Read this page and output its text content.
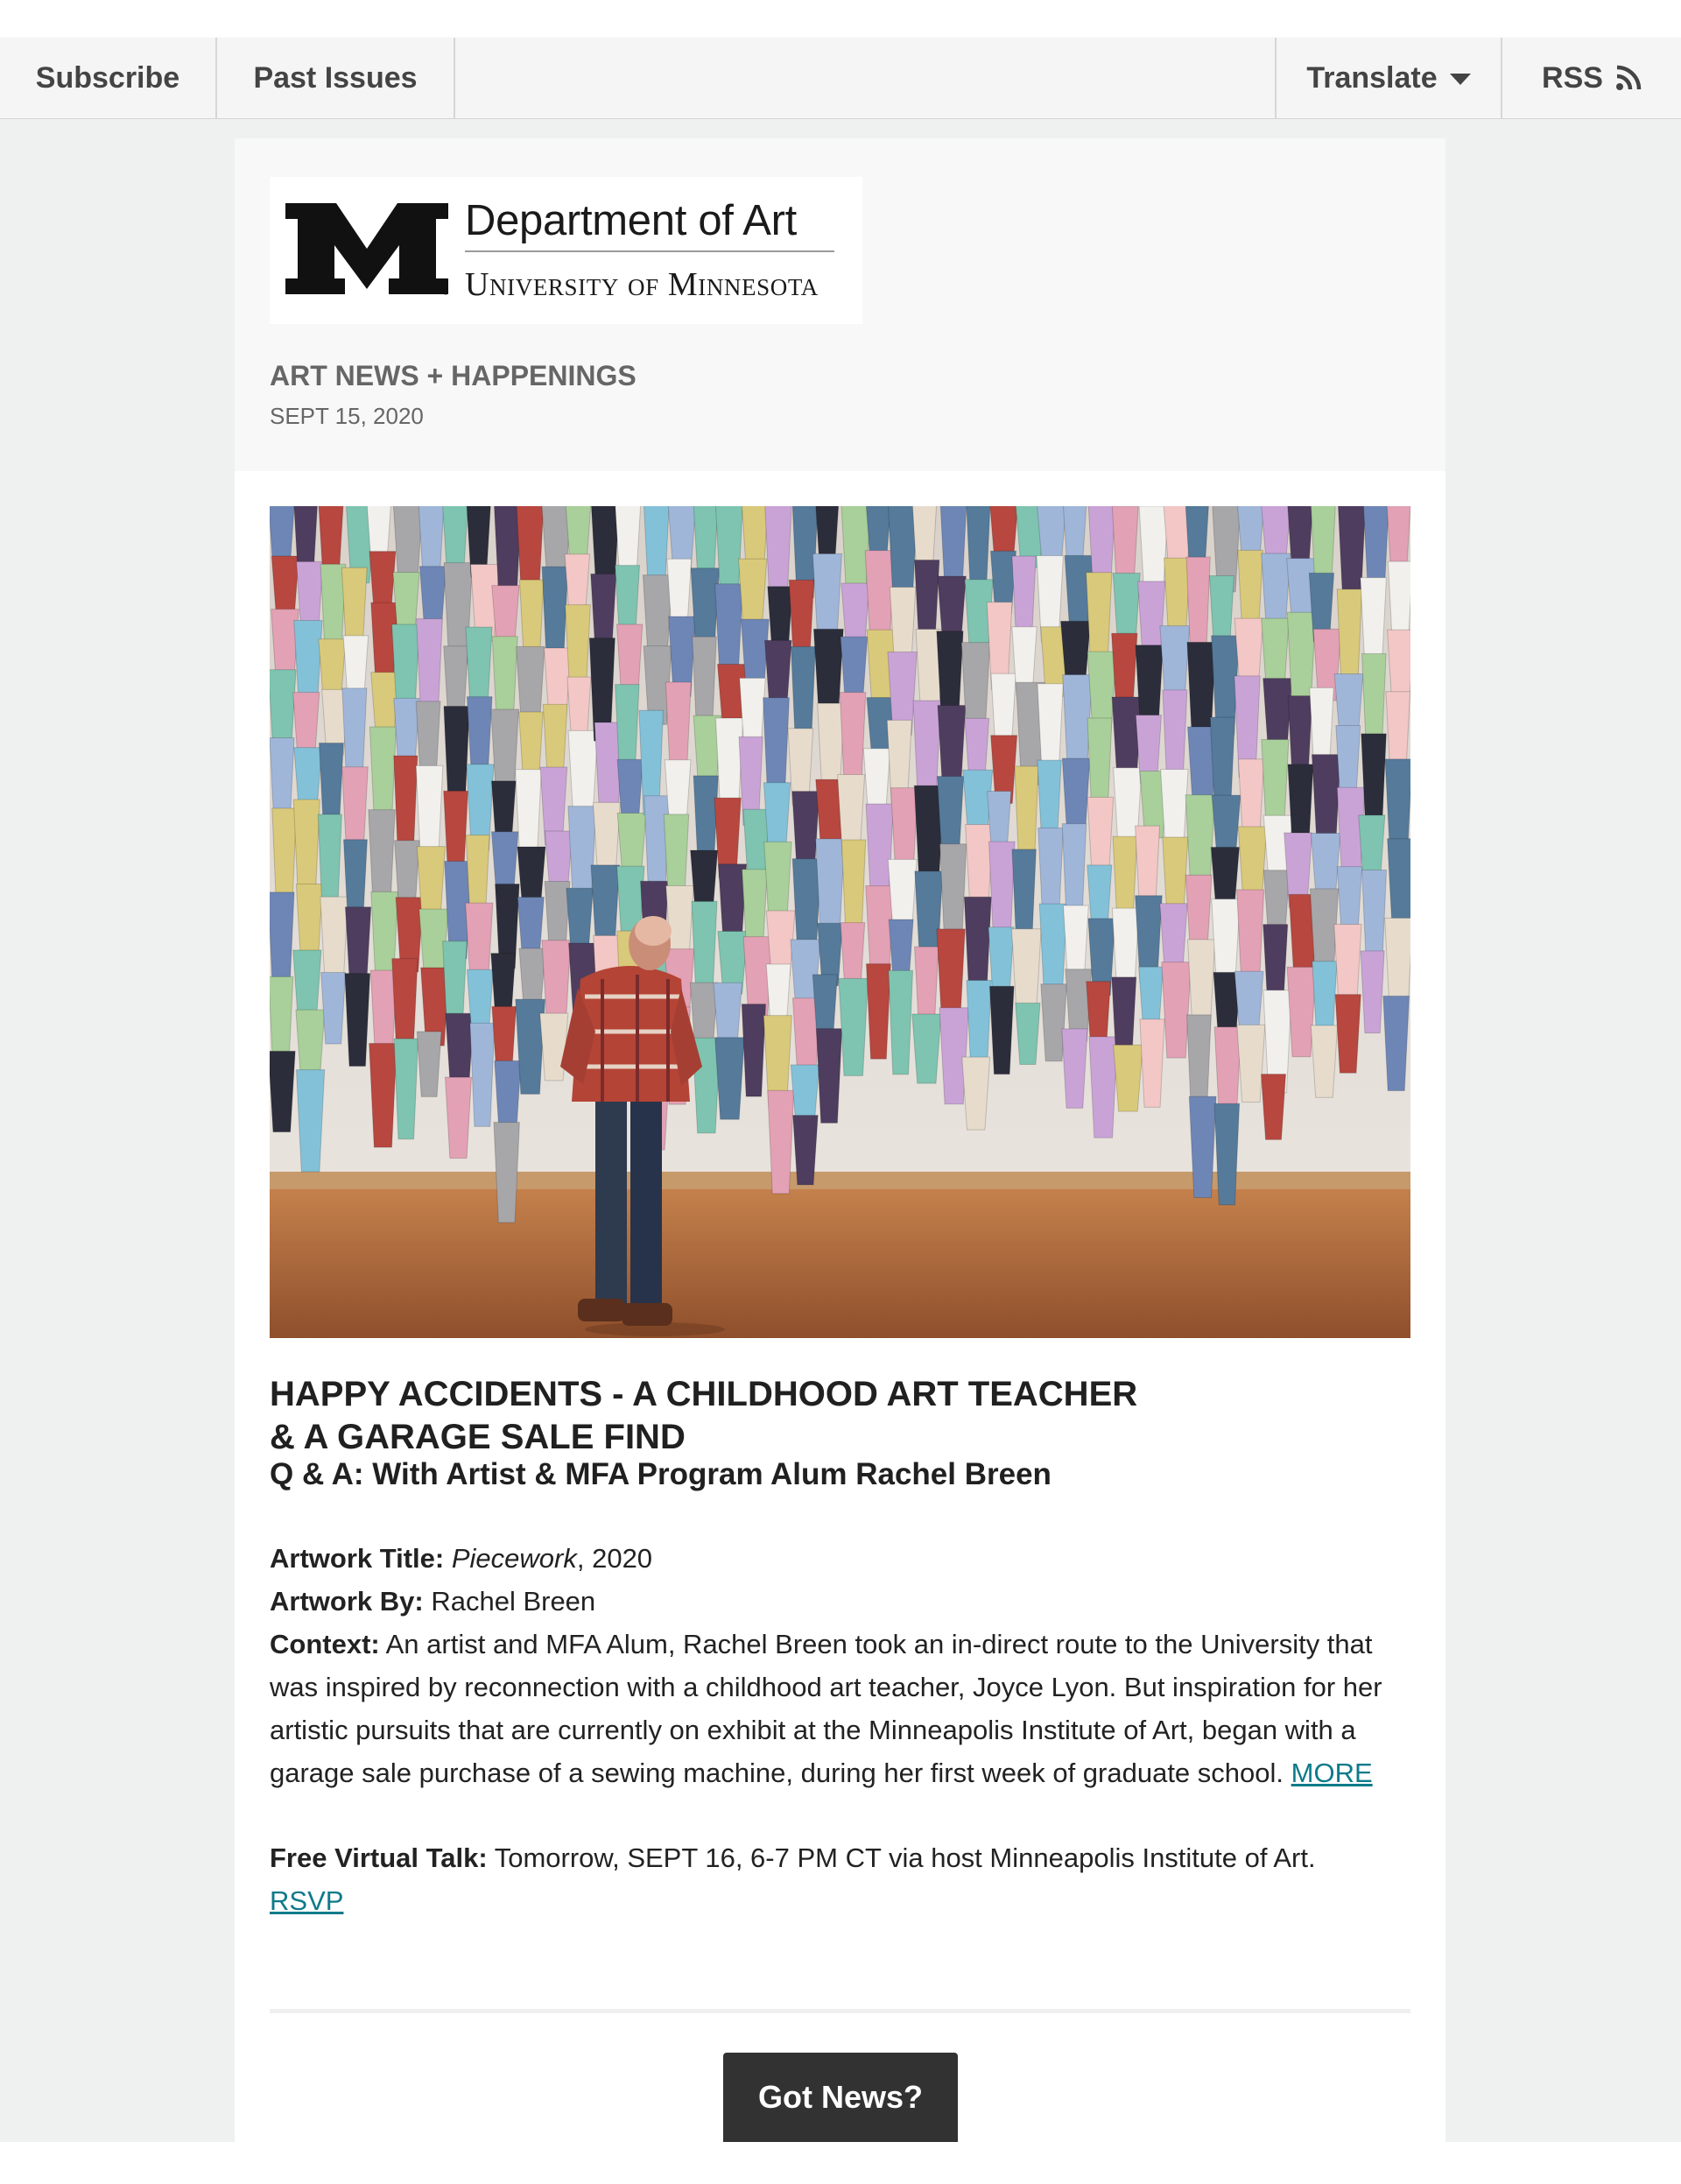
Subscribe	Past Issues	Translate	RSS
Department of Art
University of Minnesota
ART NEWS + HAPPENINGS
SEPT 15, 2020
HAPPY ACCIDENTS - A CHILDHOOD ART TEACHER
& A GARAGE SALE FIND
Q & A: With Artist & MFA Program Alum Rachel Breen

Artwork Title: Piecework, 2020

Artwork By: Rachel Breen

Context: An artist and MFA Alum, Rachel Breen took an in-direct route to the University that was inspired by reconnection with a childhood art teacher, Joyce Lyon. But inspiration for her artistic pursuits that are currently on exhibit at the Minneapolis Institute of Art, began with a garage sale purchase of a sewing machine, during her first week of graduate school. MORE

Free Virtual Talk: Tomorrow, SEPT 16, 6-7 PM CT via host Minneapolis Institute of Art.
RSVP

Got News?
